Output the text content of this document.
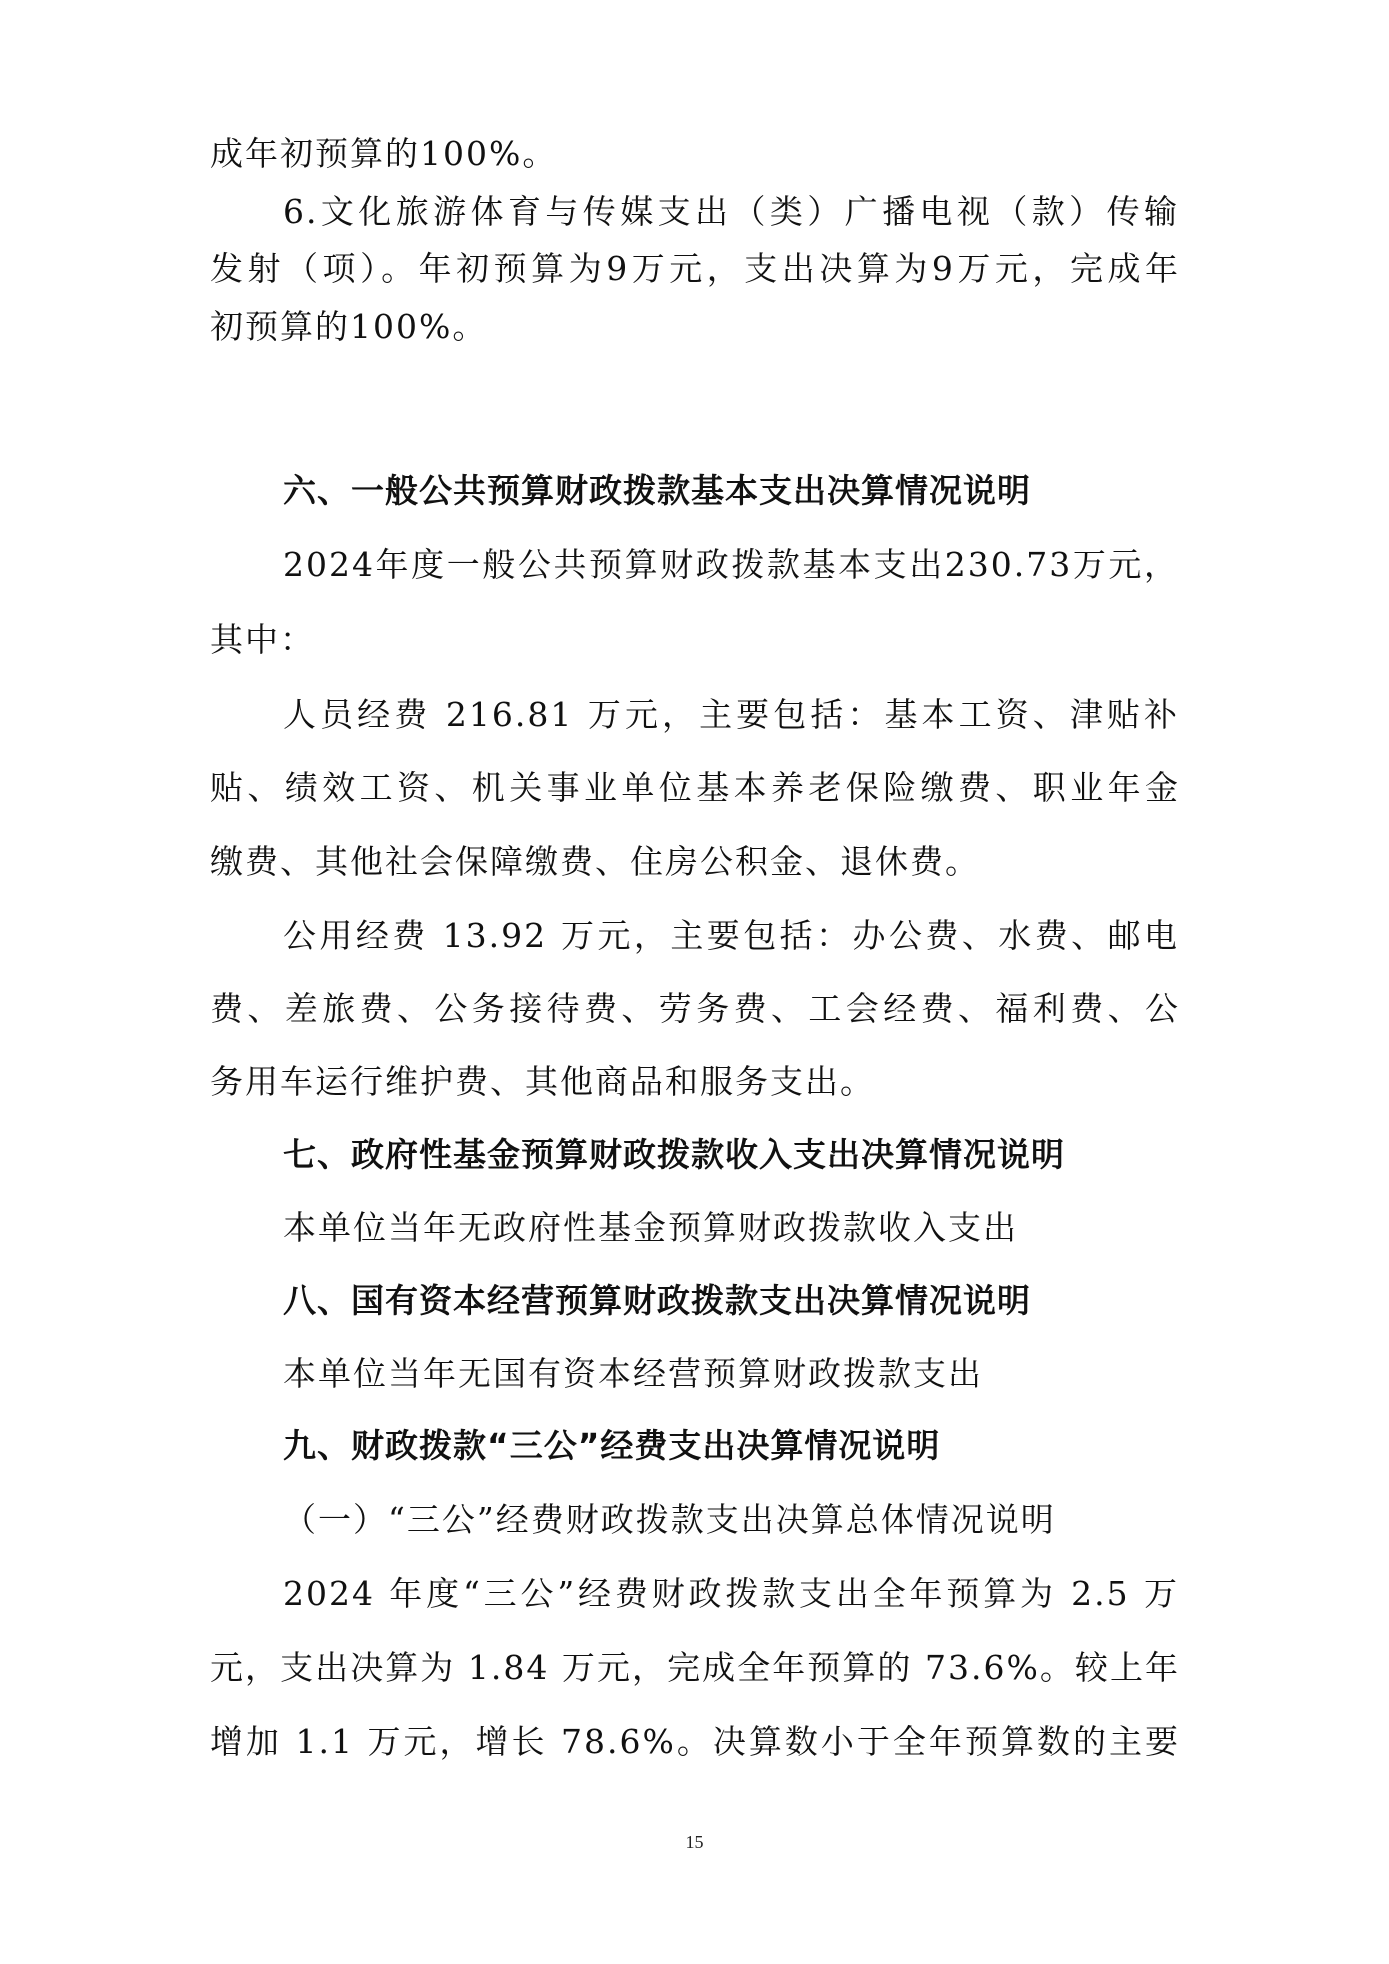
成年初预算的100%。
6.文化旅游体育与传媒支出（类）广播电视（款）传输
发射（项）。年初预算为9万元，支出决算为9万元，完成年
初预算的100%。
六、一般公共预算财政拨款基本支出决算情况说明
2024年度一般公共预算财政拨款基本支出230.73万元，
其中：
人员经费 216.81 万元，主要包括：基本工资、津贴补
贴、绩效工资、机关事业单位基本养老保险缴费、职业年金
缴费、其他社会保障缴费、住房公积金、退休费。
公用经费 13.92 万元，主要包括：办公费、水费、邮电
费、差旅费、公务接待费、劳务费、工会经费、福利费、公
务用车运行维护费、其他商品和服务支出。
七、政府性基金预算财政拨款收入支出决算情况说明
本单位当年无政府性基金预算财政拨款收入支出
八、国有资本经营预算财政拨款支出决算情况说明
本单位当年无国有资本经营预算财政拨款支出
九、财政拨款“三公”经费支出决算情况说明
（一）“三公”经费财政拨款支出决算总体情况说明
2024 年度“三公”经费财政拨款支出全年预算为 2.5 万
元，支出决算为 1.84 万元，完成全年预算的 73.6%。较上年
增加 1.1 万元，增长 78.6%。决算数小于全年预算数的主要
15
